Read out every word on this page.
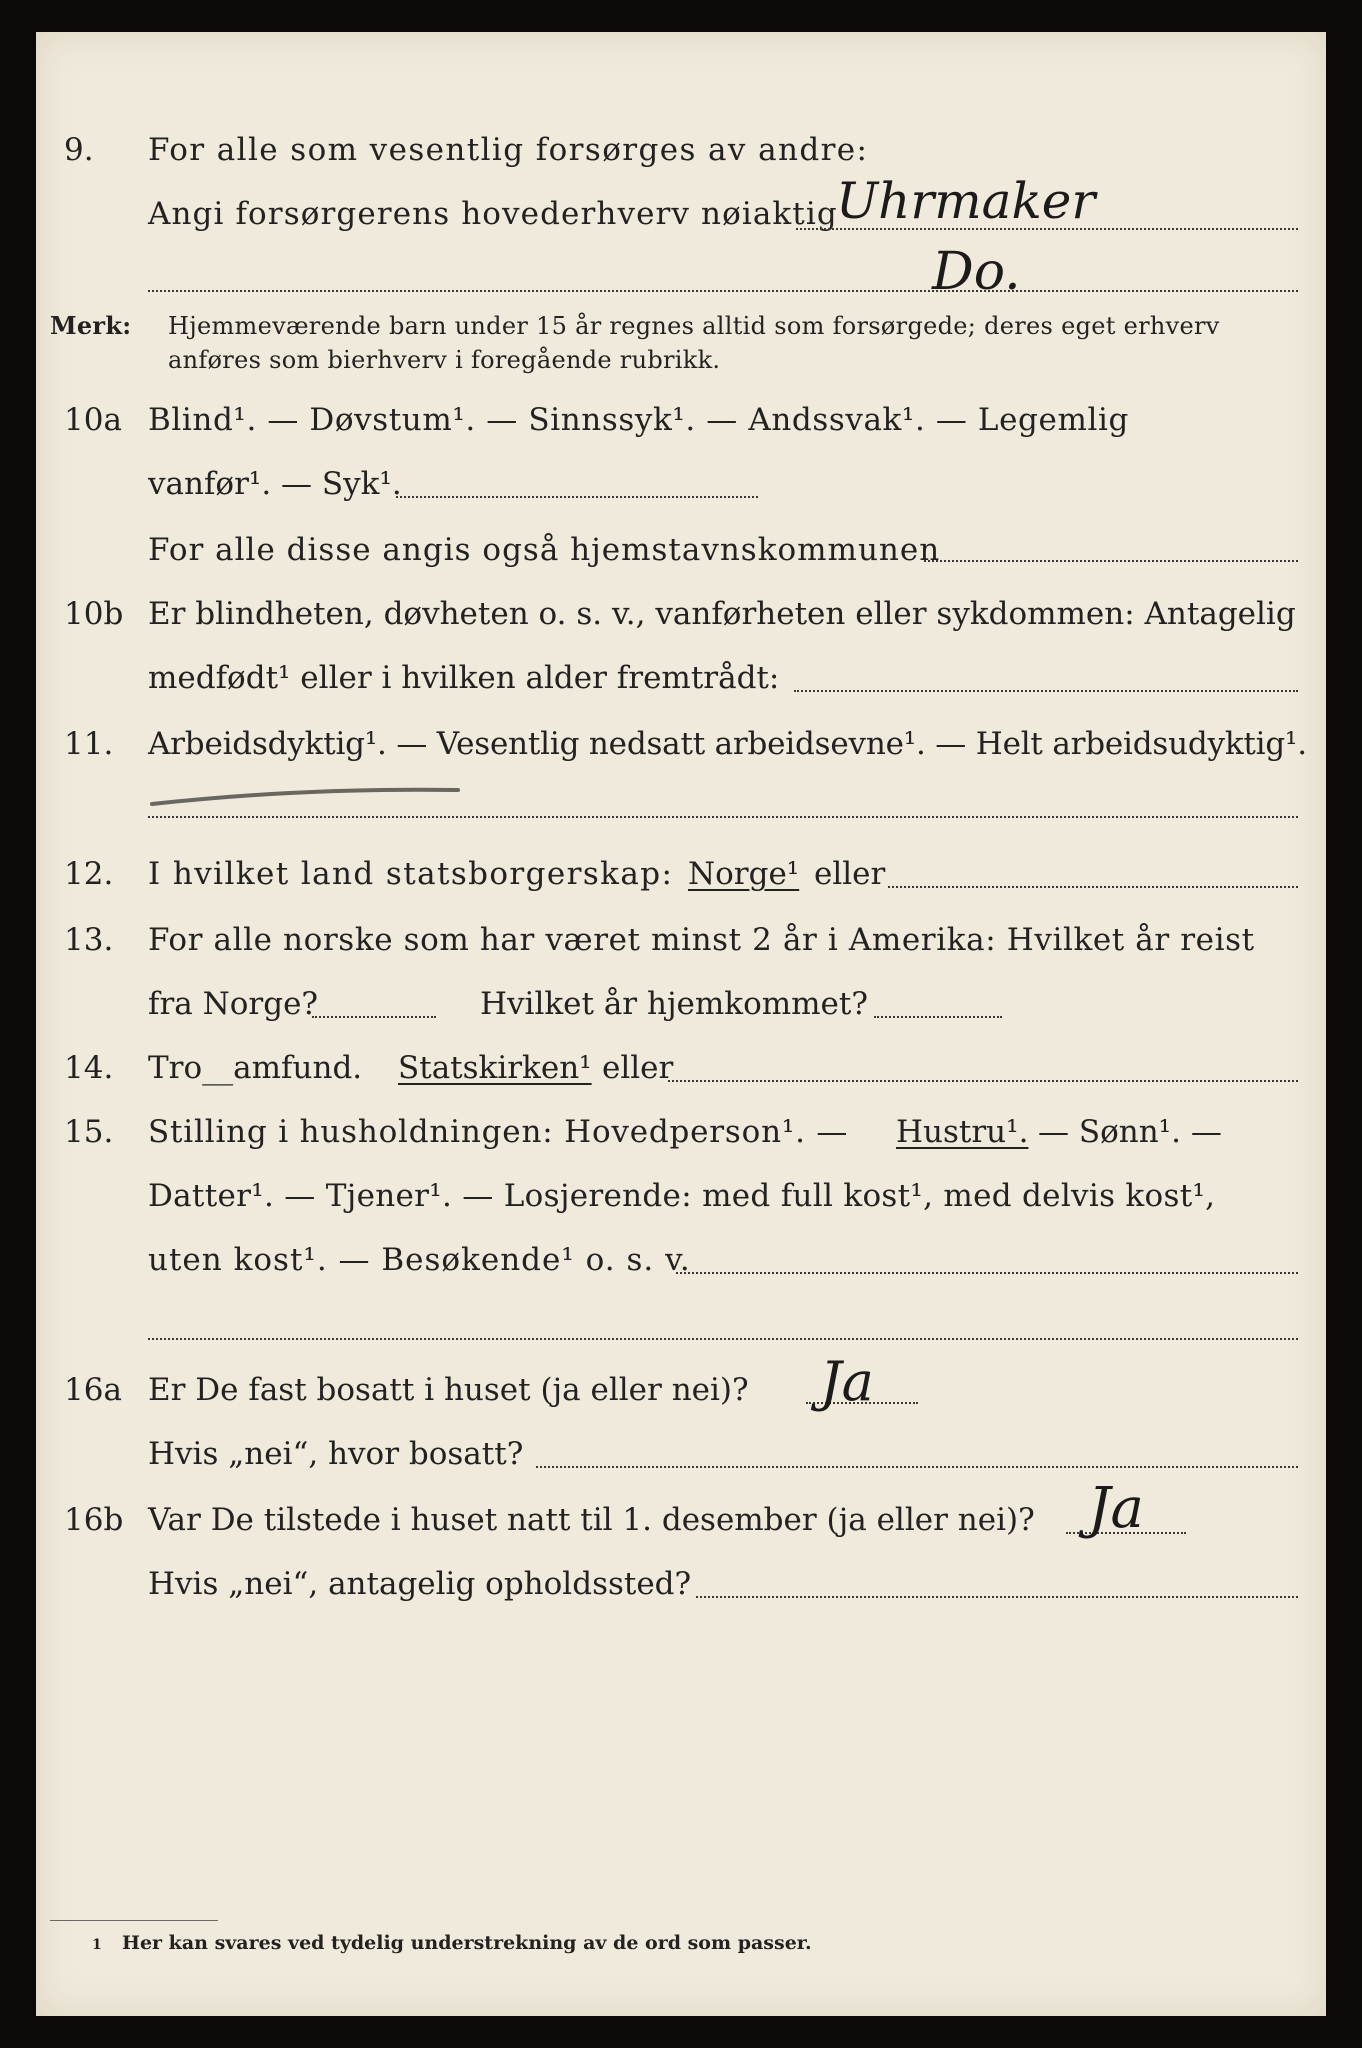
9. For alle som vesentlig forsørges av andre:
Angi forsørgerens hovederhverv nøiaktig
Uhrmaker
Do.
Merk: Hjemmeværende barn under 15 år regnes alltid som forsørgede; deres eget erhverv
anføres som bierhverv i foregående rubrikk.
10a Blind¹. — Døvstum¹. — Sinnssyk¹. — Andssvak¹. — Legemlig
vanfør¹. — Syk¹.
For alle disse angis også hjemstavnskommunen
10b Er blindheten, døvheten o. s. v., vanførheten eller sykdommen: Antagelig
medfødt¹ eller i hvilken alder fremtrådt:
11. Arbeidsdyktig¹. — Vesentlig nedsatt arbeidsevne¹. — Helt arbeidsudyktig¹.
12. I hvilket land statsborgerskap: Norge¹ eller
13. For alle norske som har været minst 2 år i Amerika: Hvilket år reist
fra Norge?	Hvilket år hjemkommet?
14. Tro__amfund. Statskirken¹ eller
15. Stilling i husholdningen: Hovedperson¹. — Hustru¹. — Sønn¹. —
Datter¹. — Tjener¹. — Losjerende: med full kost¹, med delvis kost¹,
uten kost¹. — Besøkende¹ o. s. v.
16a Er De fast bosatt i huset (ja eller nei)? Ja
Hvis „nei“, hvor bosatt?
16b Var De tilstede i huset natt til 1. desember (ja eller nei)? Ja
Hvis „nei“, antagelig opholdssted?
1 Her kan svares ved tydelig understrekning av de ord som passer.
